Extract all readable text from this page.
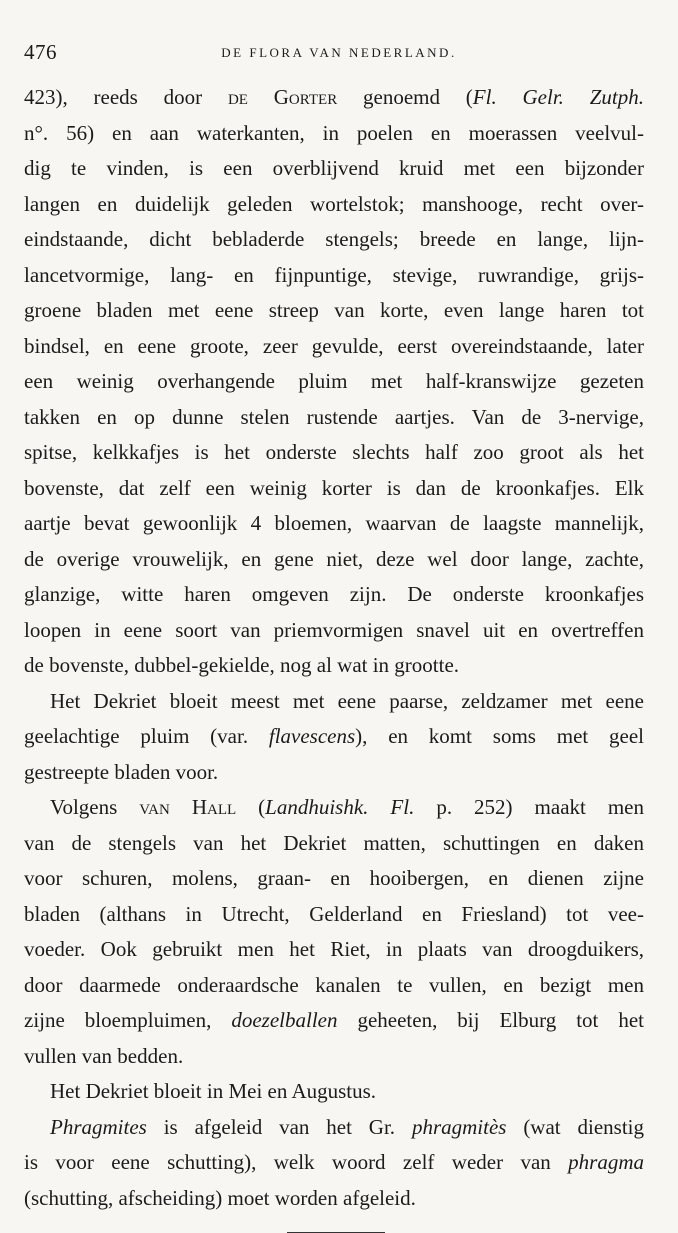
476	DE FLORA VAN NEDERLAND.
423), reeds door de Gorter genoemd (Fl. Gelr. Zutph.
n°. 56) en aan waterkanten, in poelen en moerassen veelvul-
dig te vinden, is een overblijvend kruid met een bijzonder
langen en duidelijk geleden wortelstok; manshooge, recht over-
eindstaande, dicht bebladerde stengels; breede en lange, lijn-
lancetvormige, lang- en fijnpuntige, stevige, ruwrandige, grijs-
groene bladen met eene streep van korte, even lange haren tot
bindsel, en eene groote, zeer gevulde, eerst overeindstaande, later
een weinig overhangende pluim met half-kranswijze gezeten
takken en op dunne stelen rustende aartjes. Van de 3-nervige,
spitse, kelkkafjes is het onderste slechts half zoo groot als het
bovenste, dat zelf een weinig korter is dan de kroonkafjes. Elk
aartje bevat gewoonlijk 4 bloemen, waarvan de laagste mannelijk,
de overige vrouwelijk, en gene niet, deze wel door lange, zachte,
glanzige, witte haren omgeven zijn. De onderste kroonkafjes
loopen in eene soort van priemvormigen snavel uit en overtreffen
de bovenste, dubbel-gekielde, nog al wat in grootte.
Het Dekriet bloeit meest met eene paarse, zeldzamer met eene
geelachtige pluim (var. flavescens), en komt soms met geel
gestreepte bladen voor.
Volgens van Hall (Landhuishk. Fl. p. 252) maakt men
van de stengels van het Dekriet matten, schuttingen en daken
voor schuren, molens, graan- en hooibergen, en dienen zijne
bladen (althans in Utrecht, Gelderland en Friesland) tot vee-
voeder. Ook gebruikt men het Riet, in plaats van droogduikers,
door daarmede onderaardsche kanalen te vullen, en bezigt men
zijne bloempluimen, doezelballen geheeten, bij Elburg tot het
vullen van bedden.
Het Dekriet bloeit in Mei en Augustus.
Phragmites is afgeleid van het Gr. phragmitès (wat dienstig
is voor eene schutting), welk woord zelf weder van phragma
(schutting, afscheiding) moet worden afgeleid.
